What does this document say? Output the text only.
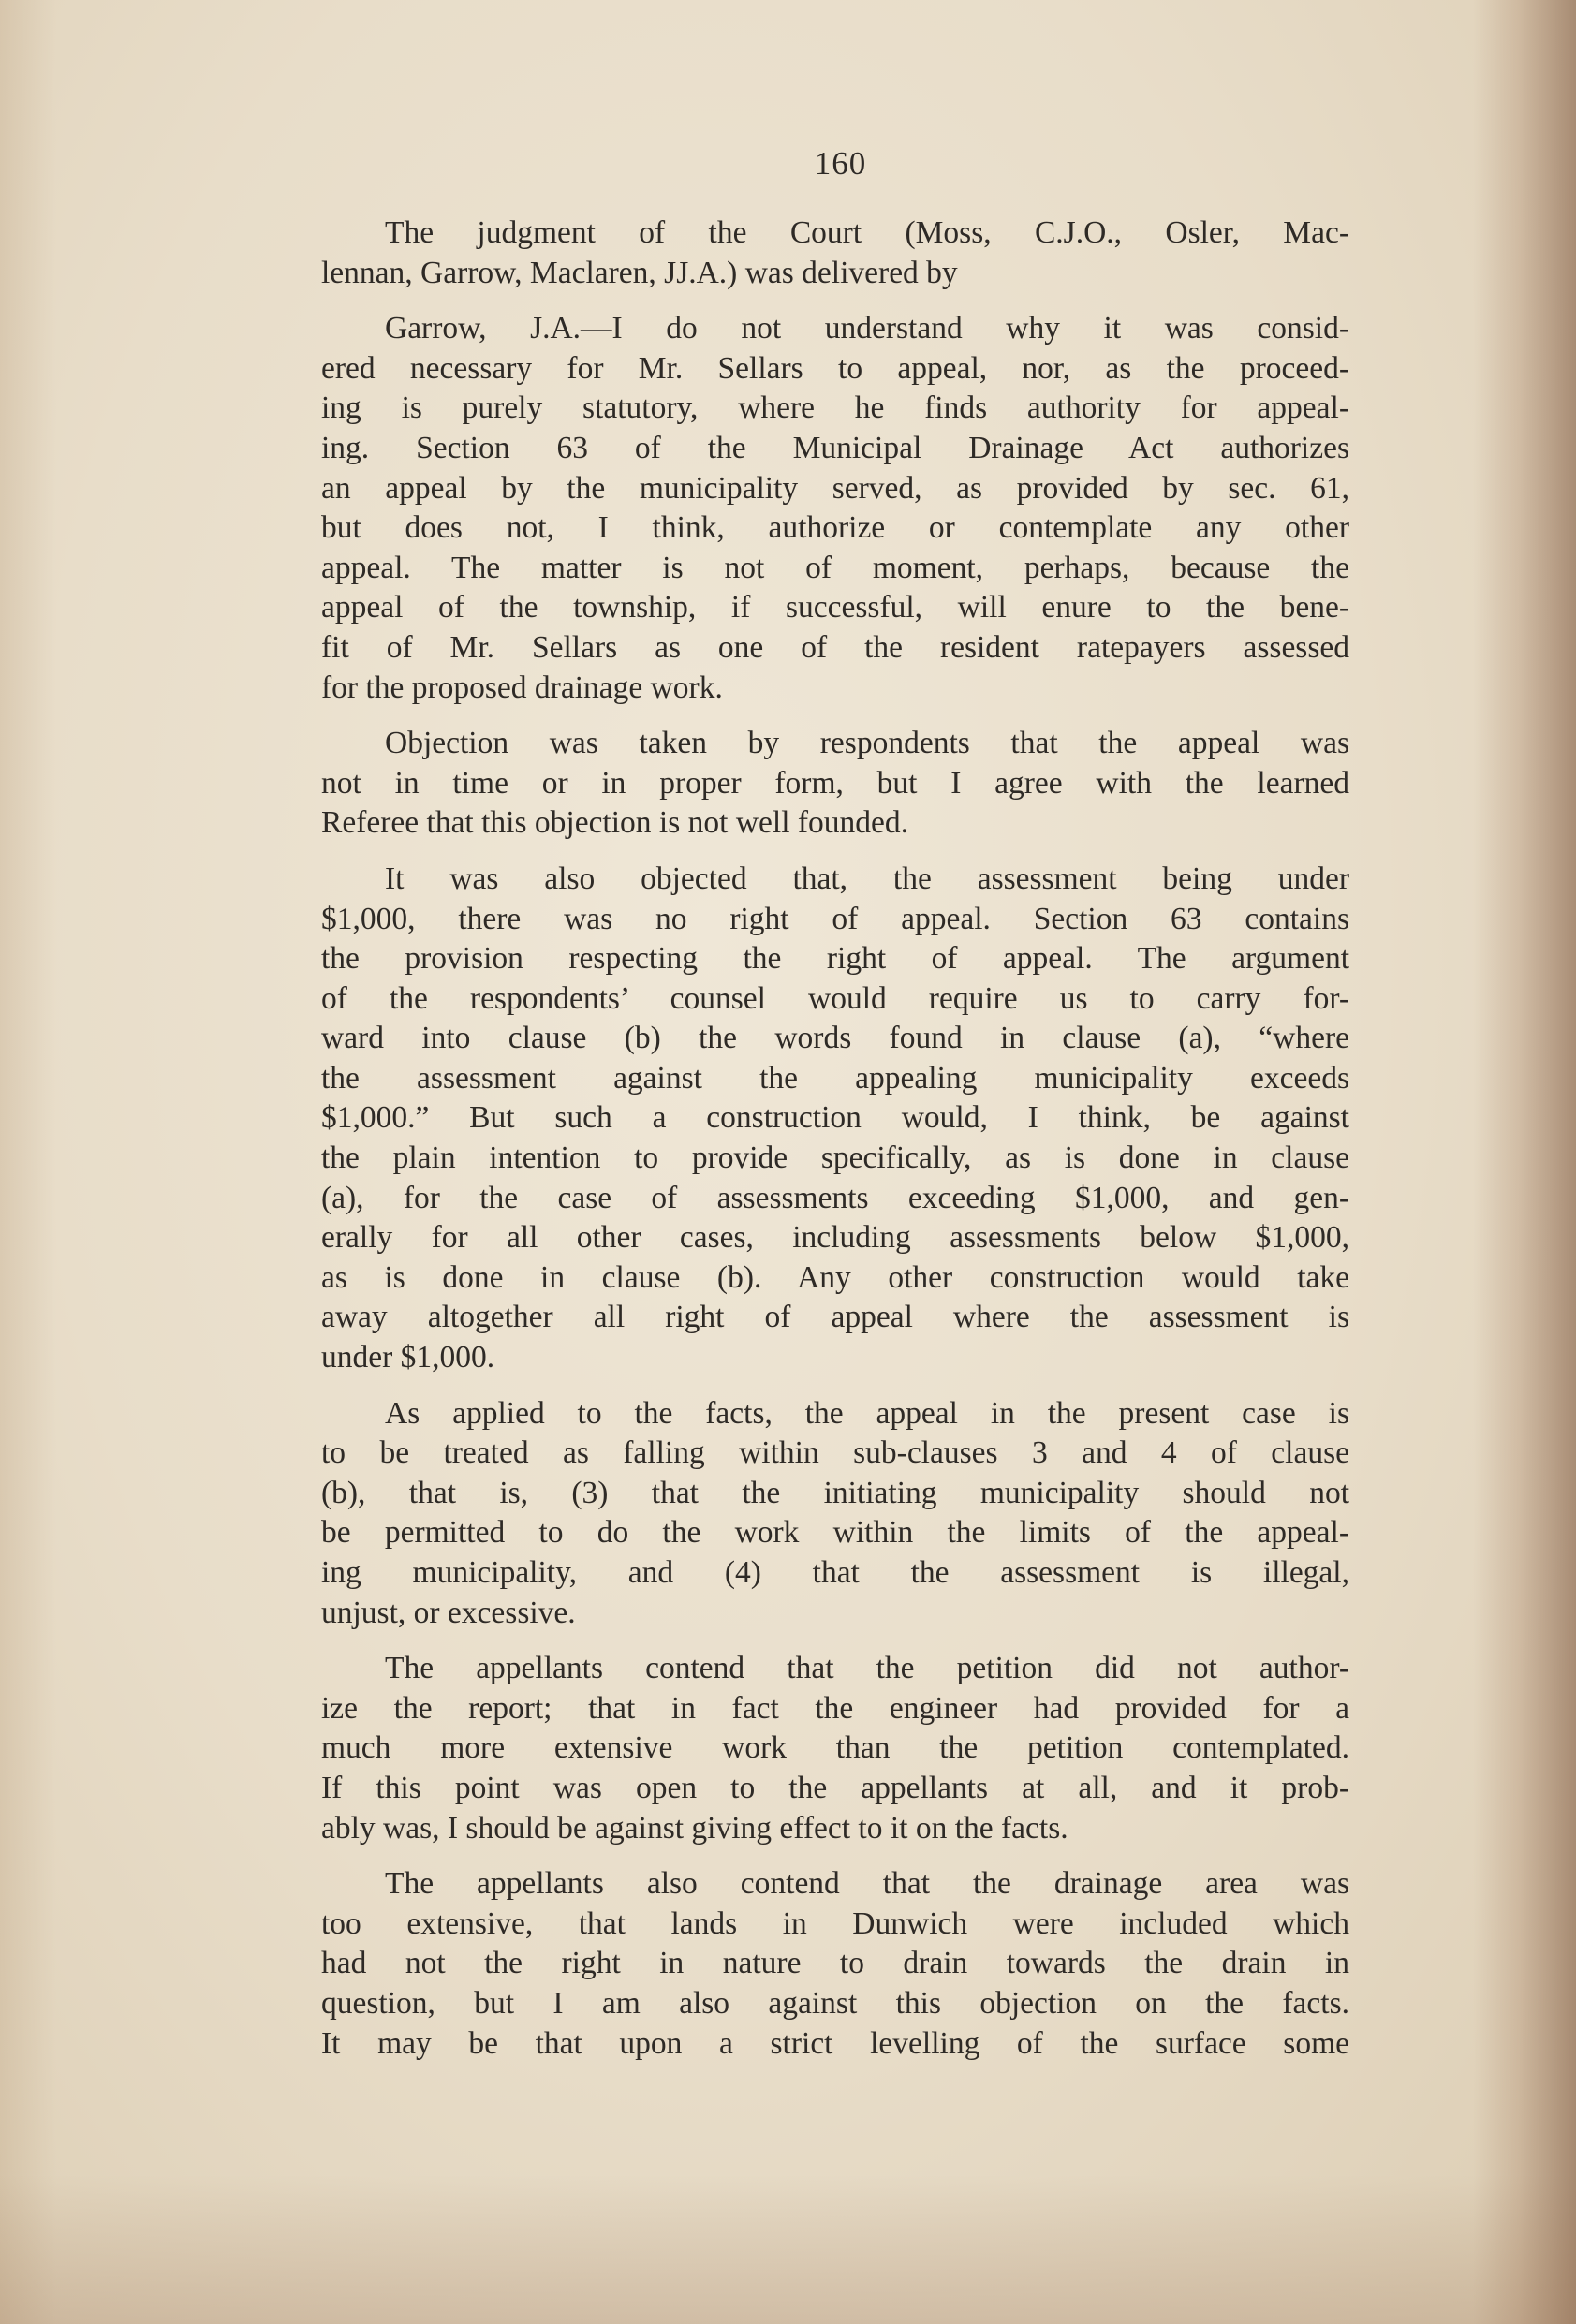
160
The judgment of the Court (Moss, C.J.O., Osler, Mac-
lennan, Garrow, Maclaren, JJ.A.) was delivered by
Garrow, J.A.—I do not understand why it was consid-
ered necessary for Mr. Sellars to appeal, nor, as the proceed-
ing is purely statutory, where he finds authority for appeal-
ing. Section 63 of the Municipal Drainage Act authorizes
an appeal by the municipality served, as provided by sec. 61,
but does not, I think, authorize or contemplate any other
appeal. The matter is not of moment, perhaps, because the
appeal of the township, if successful, will enure to the bene-
fit of Mr. Sellars as one of the resident ratepayers assessed
for the proposed drainage work.
Objection was taken by respondents that the appeal was
not in time or in proper form, but I agree with the learned
Referee that this objection is not well founded.
It was also objected that, the assessment being under
$1,000, there was no right of appeal. Section 63 contains
the provision respecting the right of appeal. The argument
of the respondents’ counsel would require us to carry for-
ward into clause (b) the words found in clause (a), “where
the assessment against the appealing municipality exceeds
$1,000.” But such a construction would, I think, be against
the plain intention to provide specifically, as is done in clause
(a), for the case of assessments exceeding $1,000, and gen-
erally for all other cases, including assessments below $1,000,
as is done in clause (b). Any other construction would take
away altogether all right of appeal where the assessment is
under $1,000.
As applied to the facts, the appeal in the present case is
to be treated as falling within sub-clauses 3 and 4 of clause
(b), that is, (3) that the initiating municipality should not
be permitted to do the work within the limits of the appeal-
ing municipality, and (4) that the assessment is illegal,
unjust, or excessive.
The appellants contend that the petition did not author-
ize the report; that in fact the engineer had provided for a
much more extensive work than the petition contemplated.
If this point was open to the appellants at all, and it prob-
ably was, I should be against giving effect to it on the facts.
The appellants also contend that the drainage area was
too extensive, that lands in Dunwich were included which
had not the right in nature to drain towards the drain in
question, but I am also against this objection on the facts.
It may be that upon a strict levelling of the surface some
